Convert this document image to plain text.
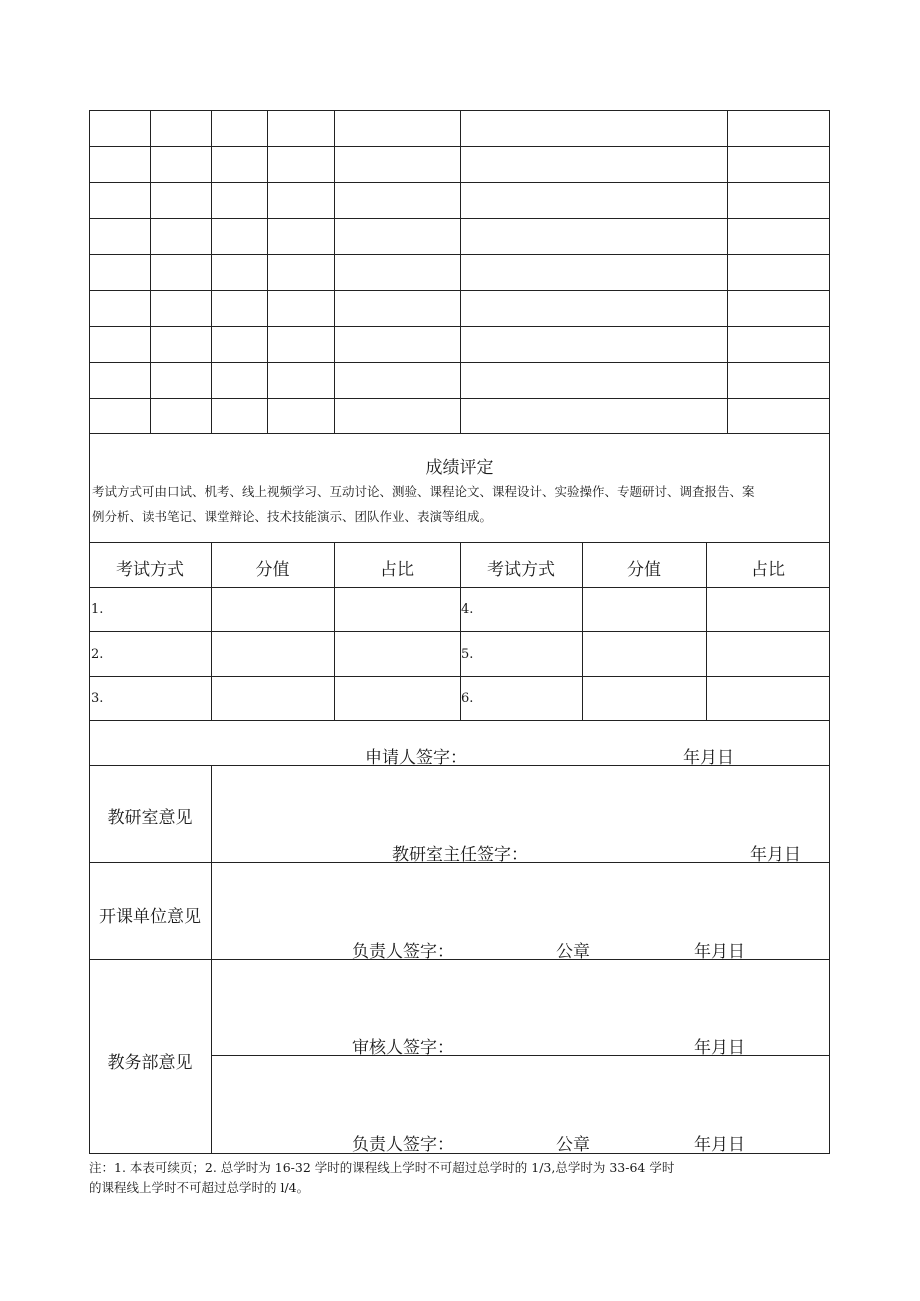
成绩评定
考试方式可由口试、机考、线上视频学习、互动讨论、测验、课程论文、课程设计、实验操作、专题研讨、调査报告、案
例分析、读书笔记、课堂辩论、技术技能演示、团队作业、表演等组成。
考试方式	分值	占比	考试方式	分值	占比
1.	4.
2.	5.
3.	6.
申请人签字：	年月日
教研室意见
教研室主任签字：	年月日
开课单位意见
负责人签字：	公章	年月日
教务部意见
审核人签字：	年月日
负责人签字：	公章	年月日
注：1. 本表可续页；2. 总学时为 16-32 学时的课程线上学时不可超过总学时的 1/3,总学时为 33-64 学时
的课程线上学时不可超过总学时的 l/4。
